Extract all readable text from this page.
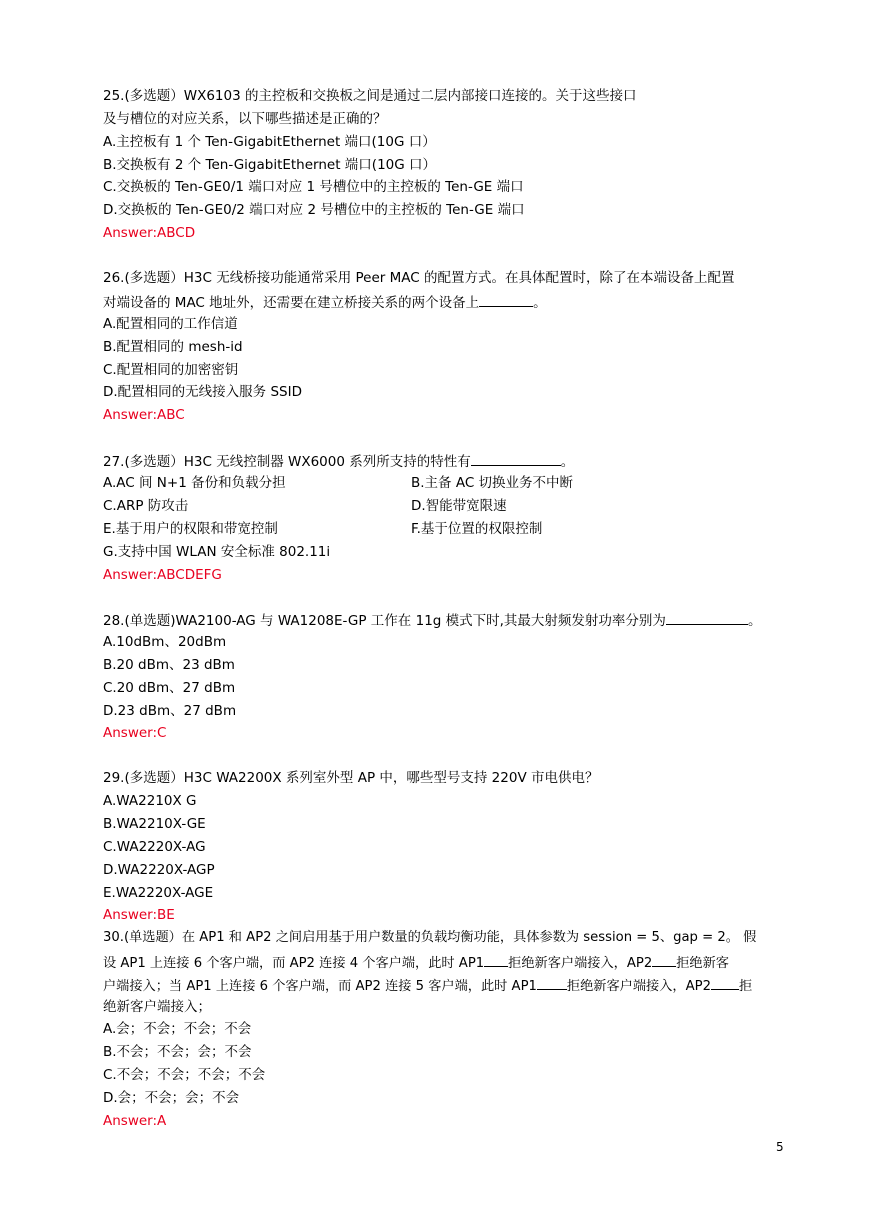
25.(多选题）WX6103 的主控板和交换板之间是通过二层内部接口连接的。关于这些接口
及与槽位的对应关系，以下哪些描述是正确的？
A.主控板有 1 个 Ten-GigabitEthernet 端口(10G 口）
B.交换板有 2 个 Ten-GigabitEthernet 端口(10G 口）
C.交换板的 Ten-GE0/1 端口对应 1 号槽位中的主控板的 Ten-GE 端口
D.交换板的 Ten-GE0/2 端口对应 2 号槽位中的主控板的 Ten-GE 端口
Answer:ABCD
26.(多选题）H3C 无线桥接功能通常采用 Peer MAC 的配置方式。在具体配置时，除了在本端设备上配置
对端设备的 MAC 地址外，还需要在建立桥接关系的两个设备上	。
A.配置相同的工作信道
B.配置相同的 mesh-id
C.配置相同的加密密钥
D.配置相同的无线接入服务 SSID
Answer:ABC
27.(多选题）H3C 无线控制器 WX6000 系列所支持的特性有	。
A.AC 间 N+1 备份和负载分担	B.主备 AC 切换业务不中断
C.ARP 防攻击	D.智能带宽限速
E.基于用户的权限和带宽控制	F.基于位置的权限控制
G.支持中国 WLAN 安全标准 802.11i
Answer:ABCDEFG
28.(单选题)WA2100-AG 与 WA1208E-GP 工作在 11g 模式下时,其最大射频发射功率分别为	。
A.10dBm、20dBm
B.20 dBm、23 dBm
C.20 dBm、27 dBm
D.23 dBm、27 dBm
Answer:C
29.(多选题）H3C WA2200X 系列室外型 AP 中，哪些型号支持 220V 市电供电？
A.WA2210X G
B.WA2210X-GE
C.WA2220X-AG
D.WA2220X-AGP
E.WA2220X-AGE
Answer:BE
30.(单选题）在 AP1 和 AP2 之间启用基于用户数量的负载均衡功能，具体参数为 session = 5、gap = 2。 假
设 AP1 上连接 6 个客户端，而 AP2 连接 4 个客户端，此时 AP1 拒绝新客户端接入，AP2 拒绝新客
户端接入；当 AP1 上连接 6 个客户端，而 AP2 连接 5 客户端，此时 AP1 拒绝新客户端接入，AP2 拒
绝新客户端接入；
A.会；不会；不会；不会
B.不会；不会；会；不会
C.不会；不会；不会；不会
D.会；不会；会；不会
Answer:A
5
